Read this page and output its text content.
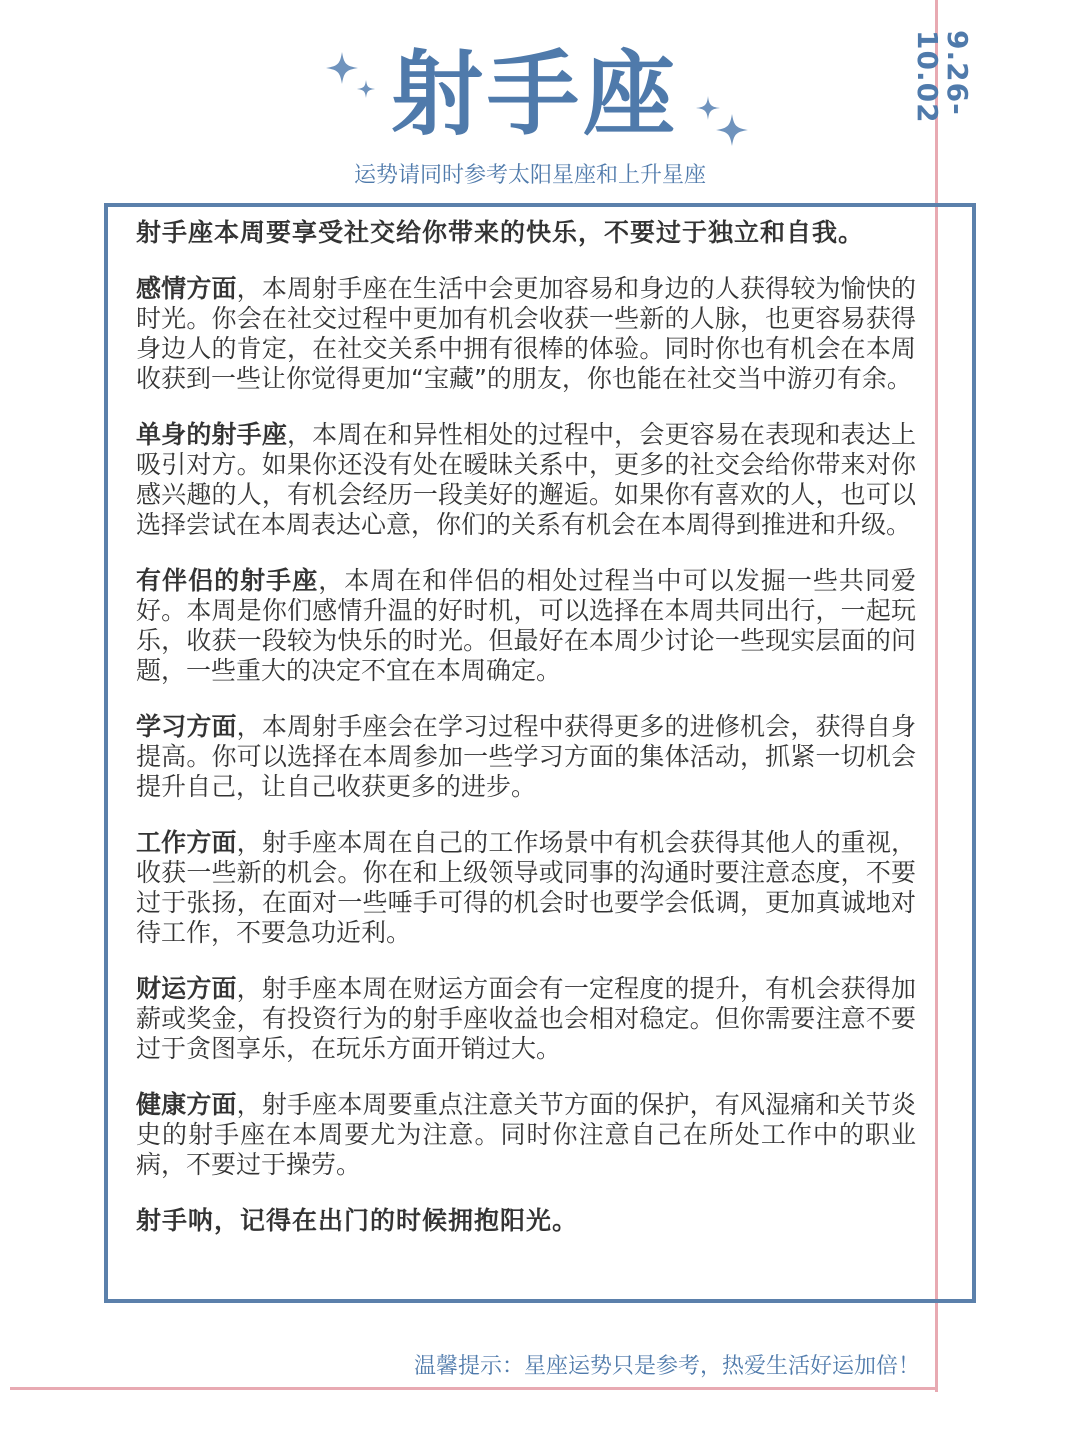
9.26-10.02
射手座
运势请同时参考太阳星座和上升星座

射手座本周要享受社交给你带来的快乐，不要过于独立和自我。

感情方面，本周射手座在生活中会更加容易和身边的人获得较为愉快的时光。你会在社交过程中更加有机会收获一些新的人脉，也更容易获得身边人的肯定，在社交关系中拥有很棒的体验。同时你也有机会在本周收获到一些让你觉得更加“宝藏”的朋友，你也能在社交当中游刃有余。

单身的射手座，本周在和异性相处的过程中，会更容易在表现和表达上吸引对方。如果你还没有处在暧昧关系中，更多的社交会给你带来对你感兴趣的人，有机会经历一段美好的邂逅。如果你有喜欢的人，也可以选择尝试在本周表达心意，你们的关系有机会在本周得到推进和升级。

有伴侣的射手座，本周在和伴侣的相处过程当中可以发掘一些共同爱好。本周是你们感情升温的好时机，可以选择在本周共同出行，一起玩乐，收获一段较为快乐的时光。但最好在本周少讨论一些现实层面的问题，一些重大的决定不宜在本周确定。

学习方面，本周射手座会在学习过程中获得更多的进修机会，获得自身提高。你可以选择在本周参加一些学习方面的集体活动，抓紧一切机会提升自己，让自己收获更多的进步。

工作方面，射手座本周在自己的工作场景中有机会获得其他人的重视，收获一些新的机会。你在和上级领导或同事的沟通时要注意态度，不要过于张扬，在面对一些唾手可得的机会时也要学会低调，更加真诚地对待工作，不要急功近利。

财运方面，射手座本周在财运方面会有一定程度的提升，有机会获得加薪或奖金，有投资行为的射手座收益也会相对稳定。但你需要注意不要过于贪图享乐，在玩乐方面开销过大。

健康方面，射手座本周要重点注意关节方面的保护，有风湿痛和关节炎史的射手座在本周要尤为注意。同时你注意自己在所处工作中的职业病，不要过于操劳。

射手呐，记得在出门的时候拥抱阳光。

温馨提示：星座运势只是参考，热爱生活好运加倍！
